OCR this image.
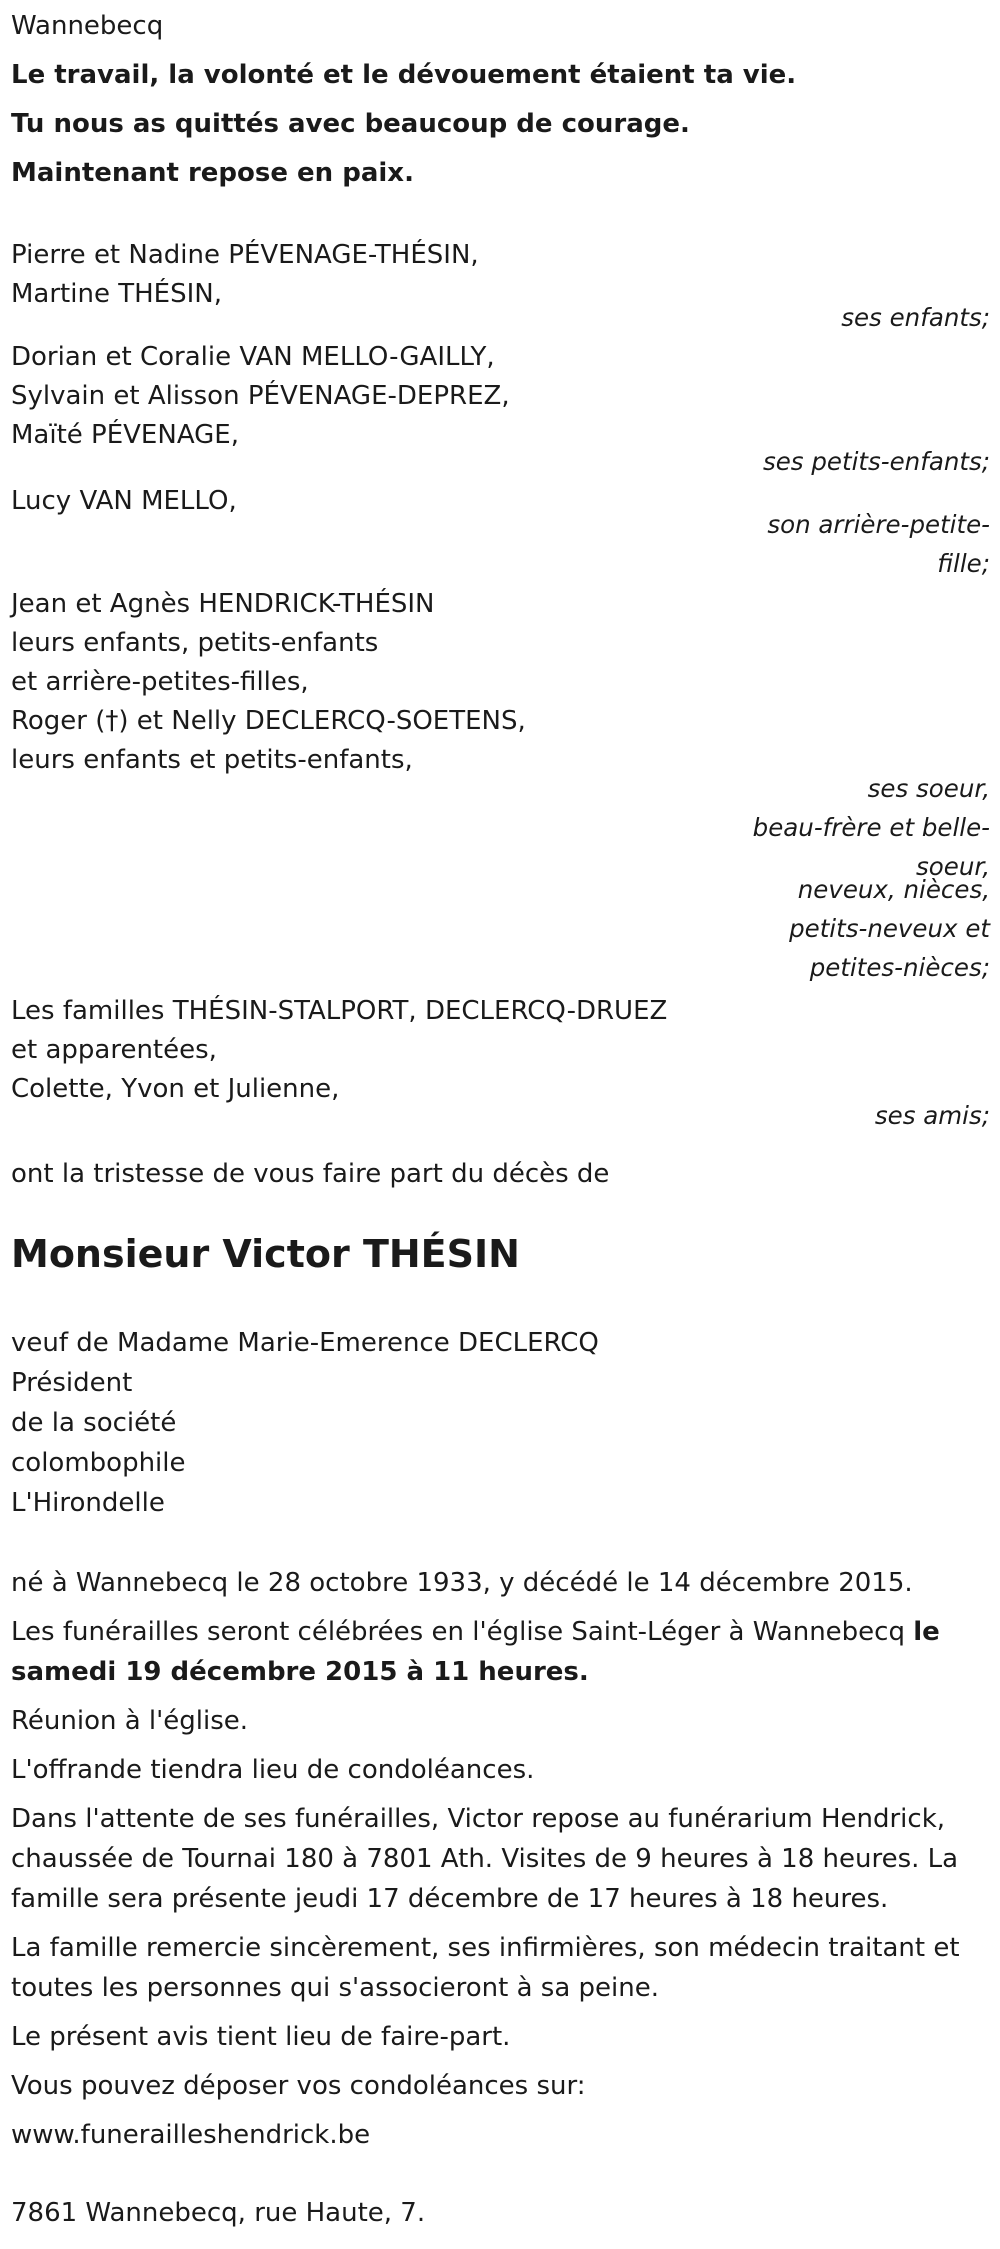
Wannebecq
Le travail, la volonté et le dévouement étaient ta vie.
Tu nous as quittés avec beaucoup de courage.
Maintenant repose en paix.
Pierre et Nadine PÉVENAGE-THÉSIN,
Martine THÉSIN,
ses enfants;
Dorian et Coralie VAN MELLO-GAILLY,
Sylvain et Alisson PÉVENAGE-DEPREZ,
Maïté PÉVENAGE,
ses petits-enfants;
Lucy VAN MELLO,
son arrière-petite-
fille;
Jean et Agnès HENDRICK-THÉSIN
leurs enfants, petits-enfants
et arrière-petites-filles,
Roger (†) et Nelly DECLERCQ-SOETENS,
leurs enfants et petits-enfants,
ses soeur,
beau-frère et belle-
soeur,
neveux, nièces,
petits-neveux et
petites-nièces;
Les familles THÉSIN-STALPORT, DECLERCQ-DRUEZ
et apparentées,
Colette, Yvon et Julienne,
ses amis;
ont la tristesse de vous faire part du décès de
Monsieur Victor THÉSIN
veuf de Madame Marie-Emerence DECLERCQ
Président
de la société
colombophile
L'Hirondelle
né à Wannebecq le 28 octobre 1933, y décédé le 14 décembre 2015.
Les funérailles seront célébrées en l'église Saint-Léger à Wannebecq le
samedi 19 décembre 2015 à 11 heures.
Réunion à l'église.
L'offrande tiendra lieu de condoléances.
Dans l'attente de ses funérailles, Victor repose au funérarium Hendrick,
chaussée de Tournai 180 à 7801 Ath. Visites de 9 heures à 18 heures. La
famille sera présente jeudi 17 décembre de 17 heures à 18 heures.
La famille remercie sincèrement, ses infirmières, son médecin traitant et
toutes les personnes qui s'associeront à sa peine.
Le présent avis tient lieu de faire-part.
Vous pouvez déposer vos condoléances sur:
www.funerailleshendrick.be
7861 Wannebecq, rue Haute, 7.
